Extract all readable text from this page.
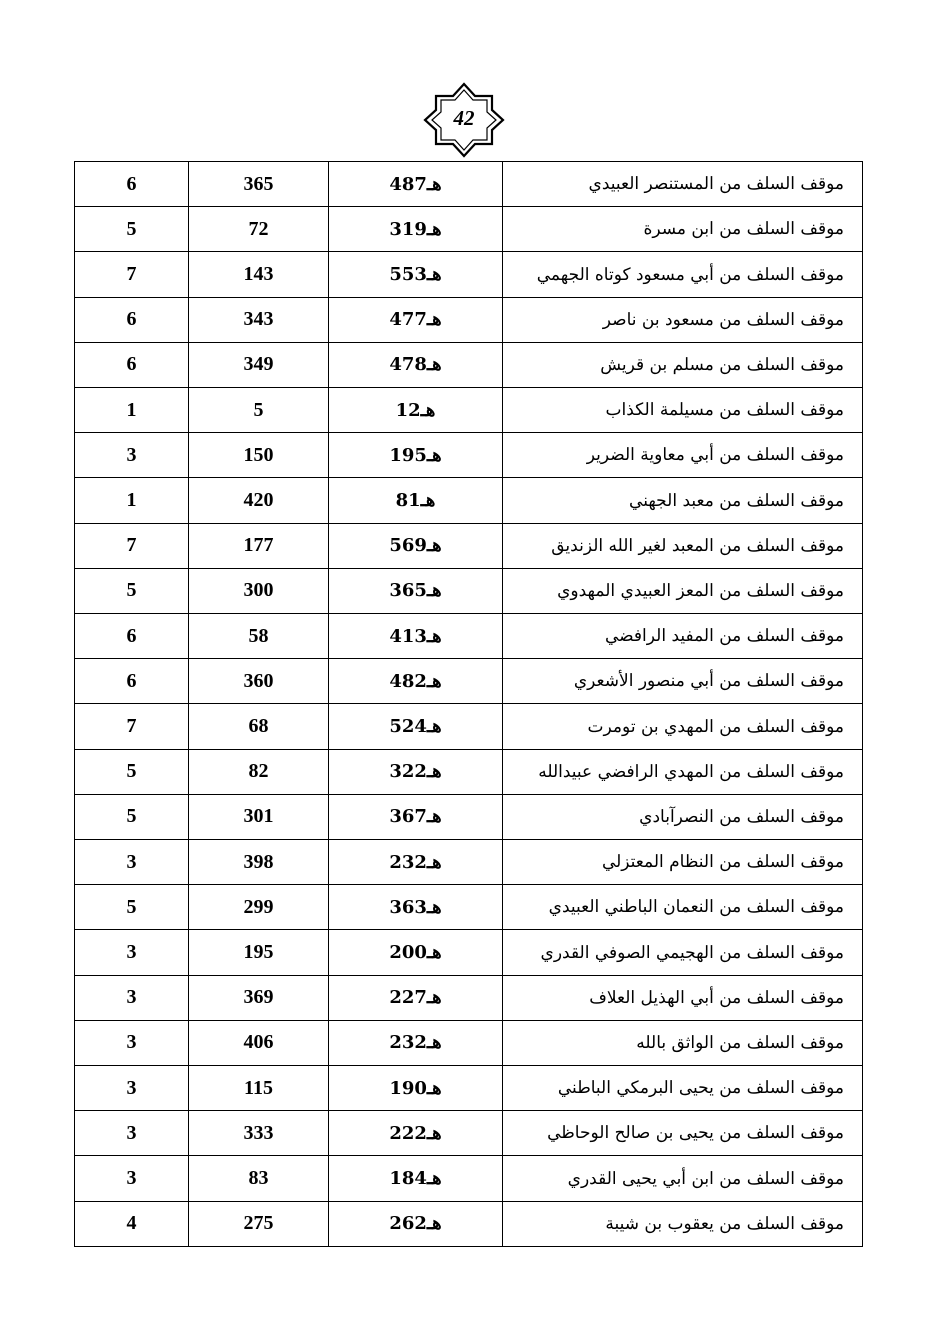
42
6	365	487هـ	موقف السلف من المستنصر العبيدي
5	72	319هـ	موقف السلف من ابن مسرة
7	143	553هـ	موقف السلف من أبي مسعود كوتاه الجهمي
6	343	477هـ	موقف السلف من مسعود بن ناصر
6	349	478هـ	موقف السلف من مسلم بن قريش
1	5	12هـ	موقف السلف من مسيلمة الكذاب
3	150	195هـ	موقف السلف من أبي معاوية الضرير
1	420	81هـ	موقف السلف من معبد الجهني
7	177	569هـ	موقف السلف من المعبد لغير الله الزنديق
5	300	365هـ	موقف السلف من المعز العبيدي المهدوي
6	58	413هـ	موقف السلف من المفيد الرافضي
6	360	482هـ	موقف السلف من أبي منصور الأشعري
7	68	524هـ	موقف السلف من المهدي بن تومرت
5	82	322هـ	موقف السلف من المهدي الرافضي عبيدالله
5	301	367هـ	موقف السلف من النصرآبادي
3	398	232هـ	موقف السلف من النظام المعتزلي
5	299	363هـ	موقف السلف من النعمان الباطني العبيدي
3	195	200هـ	موقف السلف من الهجيمي الصوفي القدري
3	369	227هـ	موقف السلف من أبي الهذيل العلاف
3	406	232هـ	موقف السلف من الواثق بالله
3	115	190هـ	موقف السلف من يحيى البرمكي الباطني
3	333	222هـ	موقف السلف من يحيى بن صالح الوحاظي
3	83	184هـ	موقف السلف من ابن أبي يحيى القدري
4	275	262هـ	موقف السلف من يعقوب بن شيبة
